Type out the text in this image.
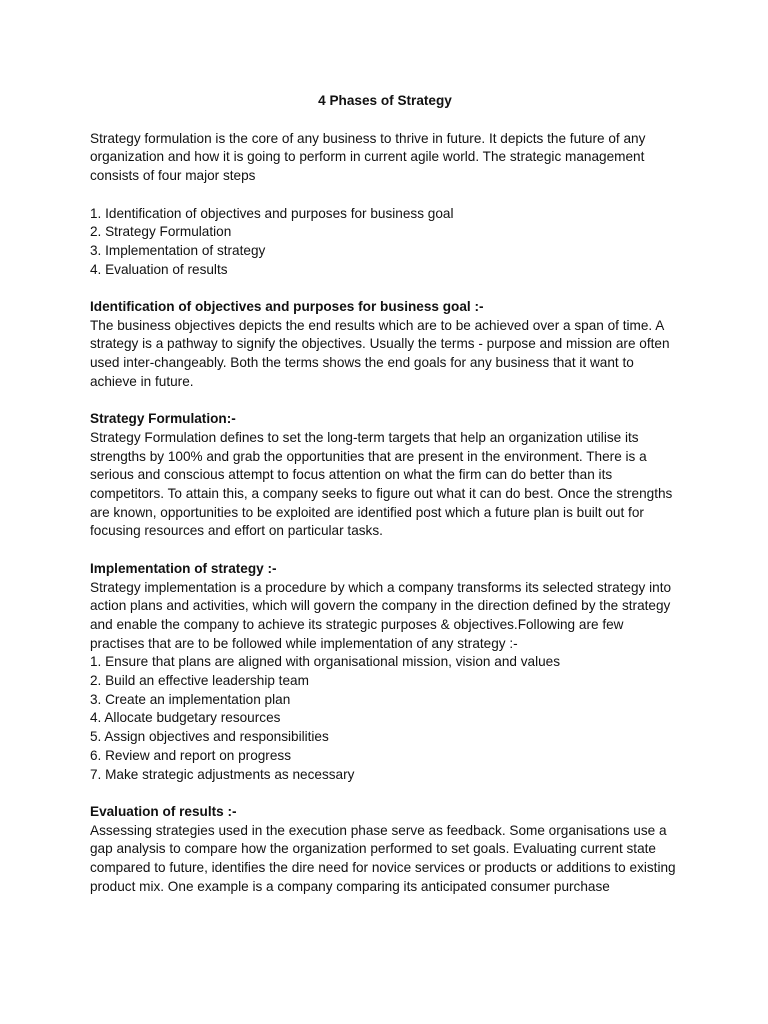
4 Phases of Strategy

Strategy formulation is the core of any business to thrive in future. It depicts the future of any organization and how it is going to perform in current agile world. The strategic management consists of four major steps

1. Identification of objectives and purposes for business goal
2. Strategy Formulation
3. Implementation of strategy
4. Evaluation of results

Identification of objectives and purposes for business goal :-

The business objectives depicts the end results which are to be achieved over a span of time. A strategy is a pathway to signify the objectives. Usually the terms - purpose and mission are often used inter-changeably. Both the terms shows the end goals for any business that it want to achieve in future.

Strategy Formulation:-

Strategy Formulation defines to set the long-term targets that help an organization utilise its strengths by 100% and grab the opportunities that are present in the environment. There is a serious and conscious attempt to focus attention on what the firm can do better than its competitors. To attain this, a company seeks to figure out what it can do best. Once the strengths are known, opportunities to be exploited are identified post which a future plan is built out for focusing resources and effort on particular tasks.

Implementation of strategy :-

Strategy implementation is a procedure by which a company transforms its selected strategy into action plans and activities, which will govern the company in the direction defined by the strategy and enable the company to achieve its strategic purposes & objectives.Following are few practises that are to be followed while implementation of any strategy :-

1. Ensure that plans are aligned with organisational mission, vision and values
2. Build an effective leadership team
3. Create an implementation plan
4. Allocate budgetary resources
5. Assign objectives and responsibilities
6. Review and report on progress
7. Make strategic adjustments as necessary

Evaluation of results :-

Assessing strategies used in the execution phase serve as feedback. Some organisations use a gap analysis to compare how the organization performed to set goals. Evaluating current state compared to future, identifies the dire need for novice services or products or additions to existing product mix. One example is a company comparing its anticipated consumer purchase
